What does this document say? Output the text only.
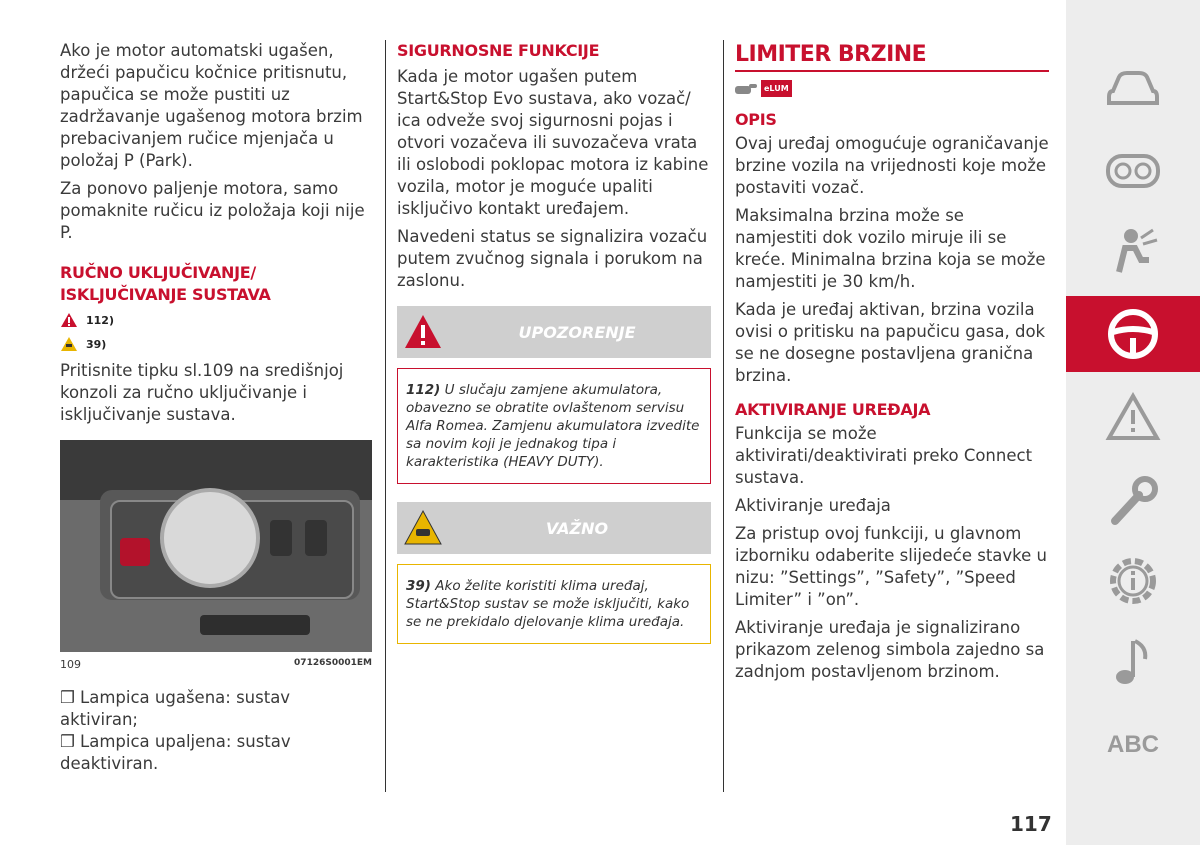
Ako je motor automatski ugašen, držeći papučicu kočnice pritisnutu, papučica se može pustiti uz zadržavanje ugašenog motora brzim prebacivanjem ručice mjenjača u položaj P (Park).

Za ponovo paljenje motora, samo pomaknite ručicu iz položaja koji nije P.

RUČNO UKLJUČIVANJE/ ISKLJUČIVANJE SUSTAVA

112)
39)

Pritisnite tipku sl.109 na središnjoj konzoli za ručno uključivanje i isključivanje sustava.

109	07126S0001EM

❒ Lampica ugašena: sustav aktiviran;

❒ Lampica upaljena: sustav deaktiviran.

SIGURNOSNE FUNKCIJE

Kada je motor ugašen putem Start&Stop Evo sustava, ako vozač/ ica odveže svoj sigurnosni pojas i otvori vozačeva ili suvozačeva vrata ili oslobodi poklopac motora iz kabine vozila, motor je moguće upaliti isključivo kontakt uređajem.

Navedeni status se signalizira vozaču putem zvučnog signala i porukom na zaslonu.

UPOZORENJE
112) U slučaju zamjene akumulatora, obavezno se obratite ovlaštenom servisu Alfa Romea. Zamjenu akumulatora izvedite sa novim koji je jednakog tipa i karakteristika (HEAVY DUTY).
VAŽNO
39) Ako želite koristiti klima uređaj, Start&Stop sustav se može isključiti, kako se ne prekidalo djelovanje klima uređaja.

LIMITER BRZINE

eLUM

OPIS

Ovaj uređaj omogućuje ograničavanje brzine vozila na vrijednosti koje može postaviti vozač.

Maksimalna brzina može se namjestiti dok vozilo miruje ili se kreće. Minimalna brzina koja se može namjestiti je 30 km/h.

Kada je uređaj aktivan, brzina vozila ovisi o pritisku na papučicu gasa, dok se ne dosegne postavljena granična brzina.

AKTIVIRANJE UREĐAJA

Funkcija se može aktivirati/deaktivirati preko Connect sustava.

Aktiviranje uređaja

Za pristup ovoj funkciji, u glavnom izborniku odaberite slijedeće stavke u nizu: ”Settings”, ”Safety”, ”Speed Limiter” i ”on”.

Aktiviranje uređaja je signalizirano prikazom zelenog simbola zajedno sa zadnjom postavljenom brzinom.

117
ABC
